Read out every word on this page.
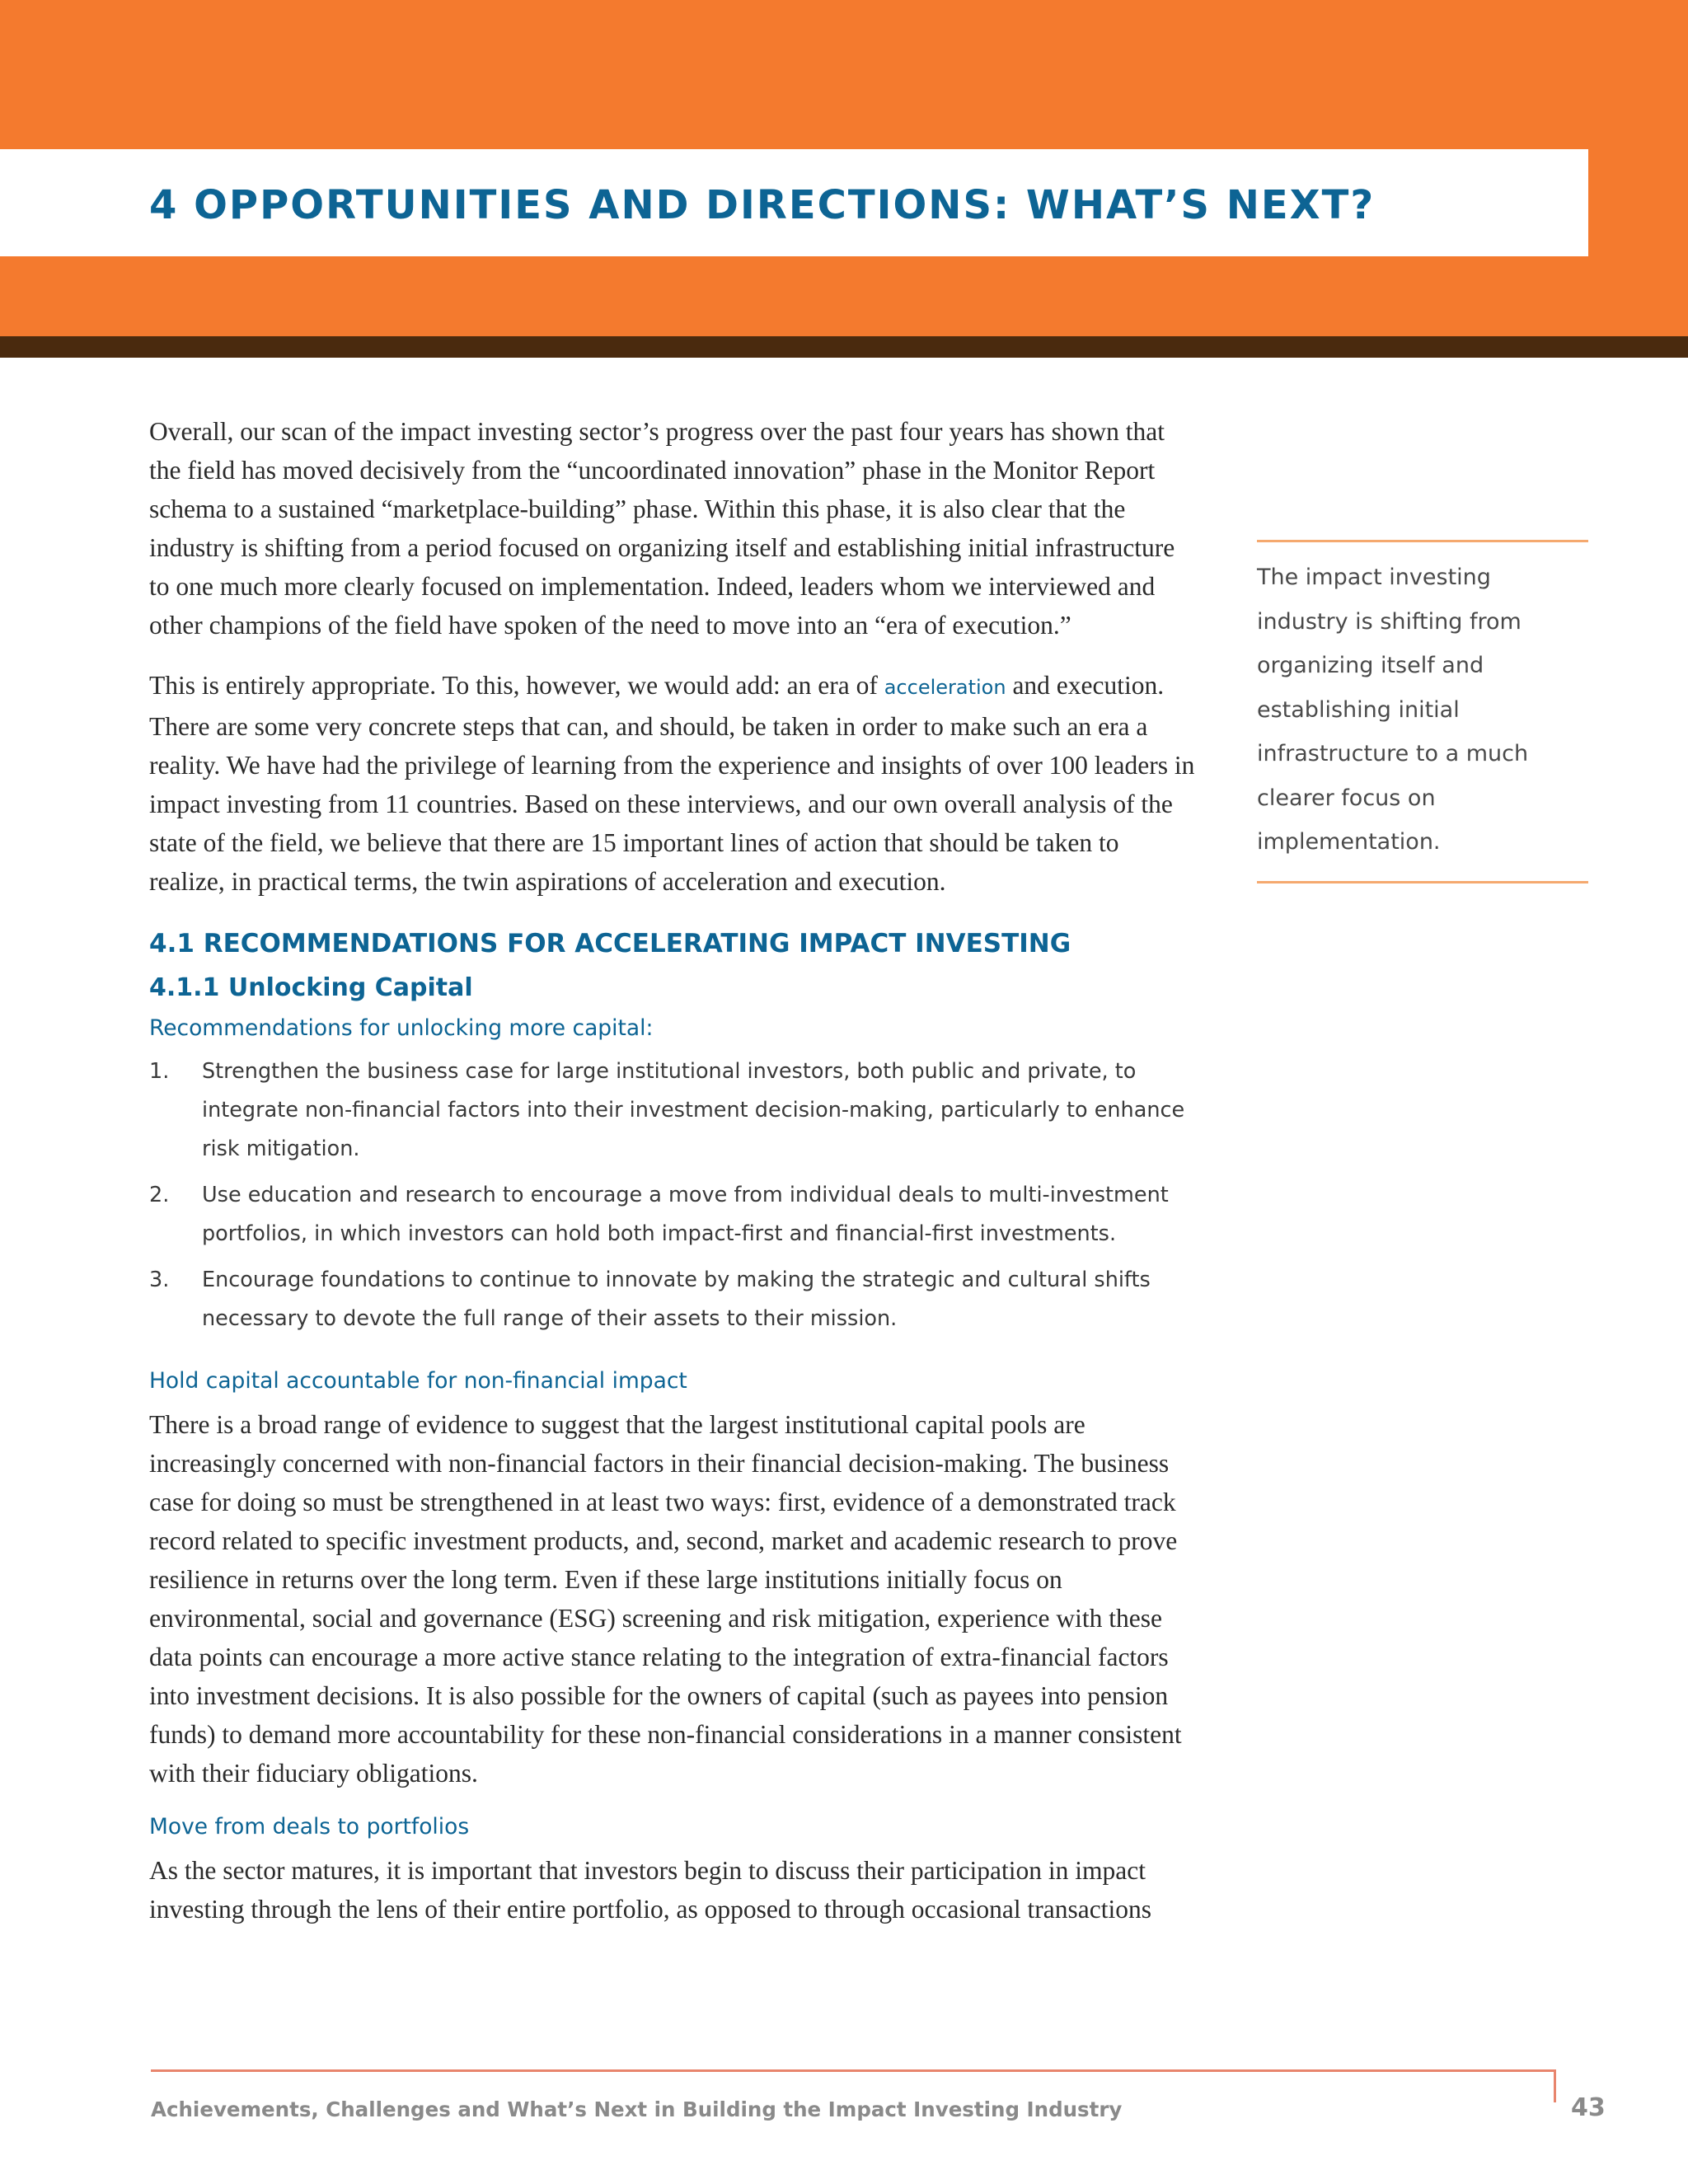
4 OPPORTUNITIES AND DIRECTIONS: WHAT’S NEXT?

Overall, our scan of the impact investing sector’s progress over the past four years has shown that the field has moved decisively from the “uncoordinated innovation” phase in the Monitor Report schema to a sustained “marketplace-building” phase. Within this phase, it is also clear that the industry is shifting from a period focused on organizing itself and establishing initial infrastructure to one much more clearly focused on implementation. Indeed, leaders whom we interviewed and other champions of the field have spoken of the need to move into an “era of execution.”

This is entirely appropriate. To this, however, we would add: an era of acceleration and execution. There are some very concrete steps that can, and should, be taken in order to make such an era a reality. We have had the privilege of learning from the experience and insights of over 100 leaders in impact investing from 11 countries. Based on these interviews, and our own overall analysis of the state of the field, we believe that there are 15 important lines of action that should be taken to realize, in practical terms, the twin aspirations of acceleration and execution.

4.1 RECOMMENDATIONS FOR ACCELERATING IMPACT INVESTING
4.1.1 Unlocking Capital
Recommendations for unlocking more capital:
1. Strengthen the business case for large institutional investors, both public and private, to integrate non-financial factors into their investment decision-making, particularly to enhance risk mitigation.
2. Use education and research to encourage a move from individual deals to multi-investment portfolios, in which investors can hold both impact-first and financial-first investments.
3. Encourage foundations to continue to innovate by making the strategic and cultural shifts necessary to devote the full range of their assets to their mission.
Hold capital accountable for non-financial impact

There is a broad range of evidence to suggest that the largest institutional capital pools are increasingly concerned with non-financial factors in their financial decision-making. The business case for doing so must be strengthened in at least two ways: first, evidence of a demonstrated track record related to specific investment products, and, second, market and academic research to prove resilience in returns over the long term. Even if these large institutions initially focus on environmental, social and governance (ESG) screening and risk mitigation, experience with these data points can encourage a more active stance relating to the integration of extra-financial factors into investment decisions. It is also possible for the owners of capital (such as payees into pension funds) to demand more accountability for these non-financial considerations in a manner consistent with their fiduciary obligations.

Move from deals to portfolios

As the sector matures, it is important that investors begin to discuss their participation in impact investing through the lens of their entire portfolio, as opposed to through occasional transactions

The impact investing industry is shifting from organizing itself and establishing initial infrastructure to a much clearer focus on implementation.

Achievements, Challenges and What’s Next in Building the Impact Investing Industry	43
